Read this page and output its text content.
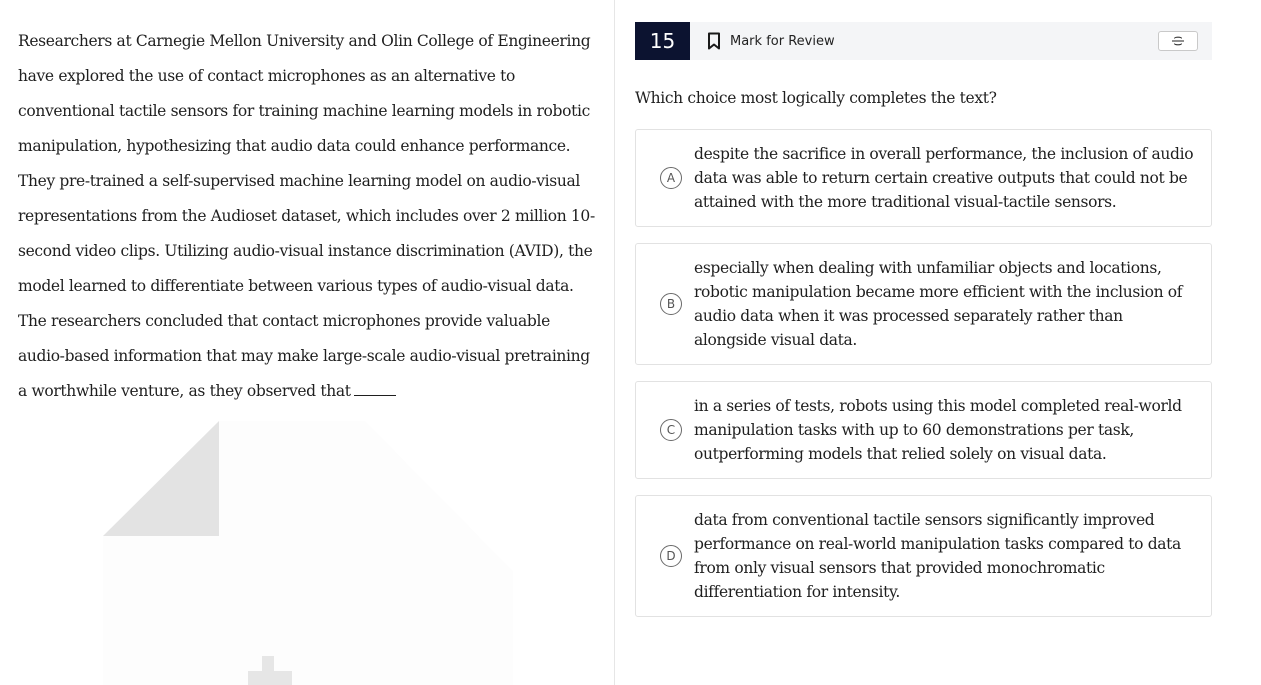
Researchers at Carnegie Mellon University and Olin College of Engineering have explored the use of contact microphones as an alternative to conventional tactile sensors for training machine learning models in robotic manipulation, hypothesizing that audio data could enhance performance. They pre-trained a self-supervised machine learning model on audio-visual representations from the Audioset dataset, which includes over 2 million 10-second video clips. Utilizing audio-visual instance discrimination (AVID), the model learned to differentiate between various types of audio-visual data. The researchers concluded that contact microphones provide valuable audio-based information that may make large-scale audio-visual pretraining a worthwhile venture, as they observed that

15	Mark for Review

Which choice most logically completes the text?

A
despite the sacrifice in overall performance, the inclusion of audio data was able to return certain creative outputs that could not be attained with the more traditional visual-tactile sensors.
B
especially when dealing with unfamiliar objects and locations, robotic manipulation became more efficient with the inclusion of audio data when it was processed separately rather than alongside visual data.
C
in a series of tests, robots using this model completed real-world manipulation tasks with up to 60 demonstrations per task, outperforming models that relied solely on visual data.
D
data from conventional tactile sensors significantly improved performance on real-world manipulation tasks compared to data from only visual sensors that provided monochromatic differentiation for intensity.
